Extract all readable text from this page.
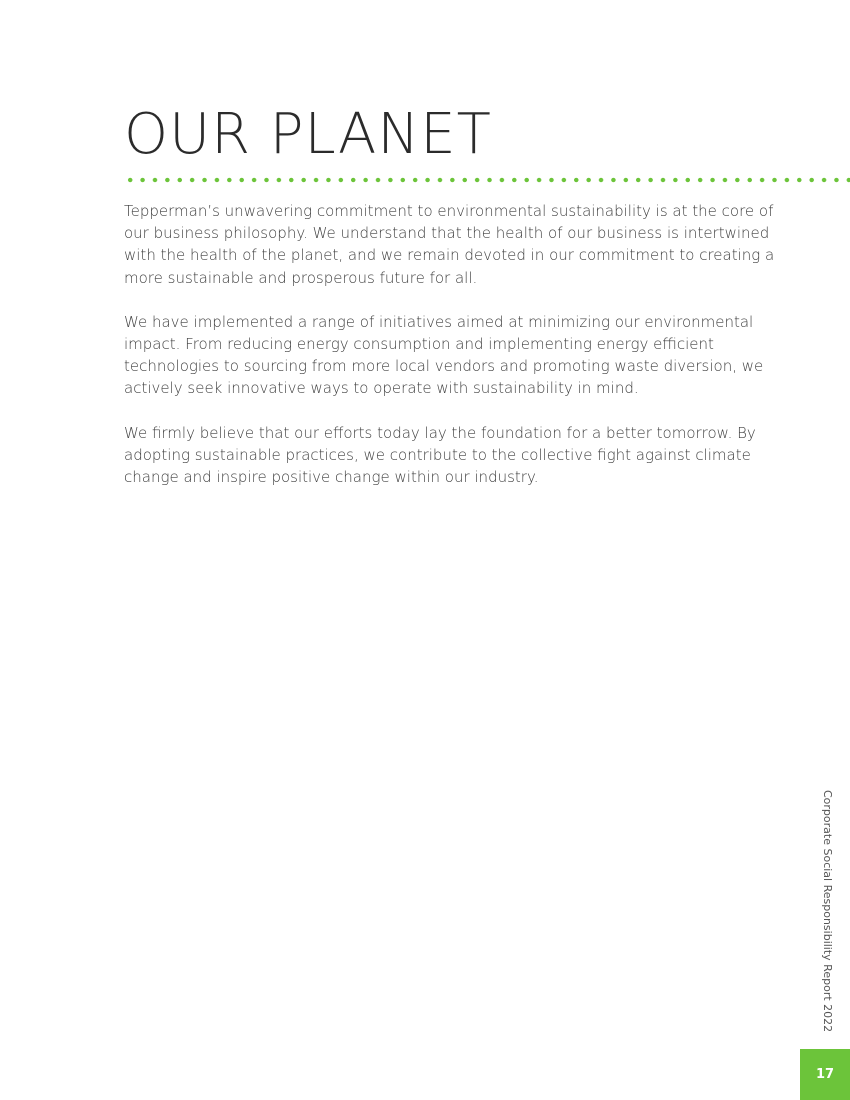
OUR PLANET

Tepperman’s unwavering commitment to environmental sustainability is at the core of our business philosophy. We understand that the health of our business is intertwined with the health of the planet, and we remain devoted in our commitment to creating a more sustainable and prosperous future for all.

We have implemented a range of initiatives aimed at minimizing our environmental impact. From reducing energy consumption and implementing energy efficient technologies to sourcing from more local vendors and promoting waste diversion, we actively seek innovative ways to operate with sustainability in mind.

We firmly believe that our efforts today lay the foundation for a better tomorrow. By adopting sustainable practices, we contribute to the collective fight against climate change and inspire positive change within our industry.

Corporate Social Responsibility Report 2022
17
